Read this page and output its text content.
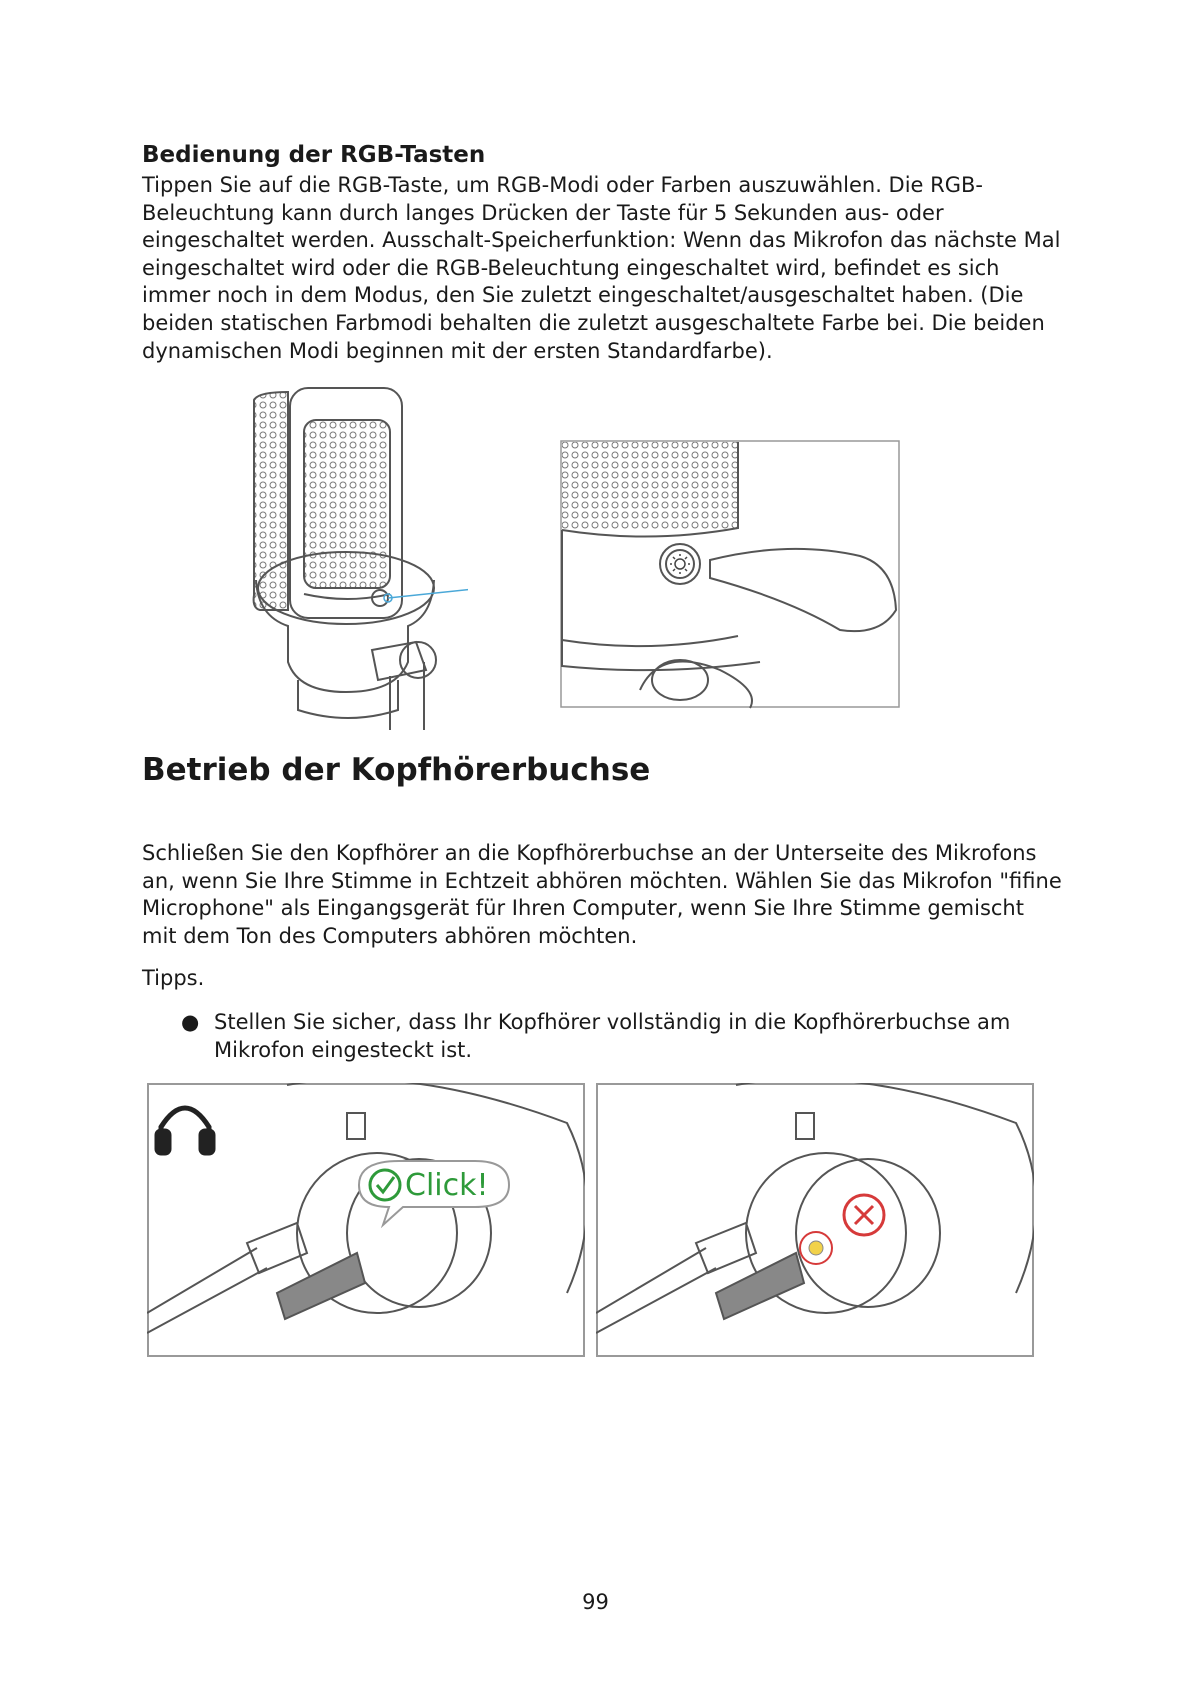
Bedienung der RGB-Tasten

Tippen Sie auf die RGB-Taste, um RGB-Modi oder Farben auszuwählen. Die RGB-Beleuchtung kann durch langes Drücken der Taste für 5 Sekunden aus- oder eingeschaltet werden. Ausschalt-Speicherfunktion: Wenn das Mikrofon das nächste Mal eingeschaltet wird oder die RGB-Beleuchtung eingeschaltet wird, befindet es sich immer noch in dem Modus, den Sie zuletzt eingeschaltet/ausgeschaltet haben. (Die beiden statischen Farbmodi behalten die zuletzt ausgeschaltete Farbe bei. Die beiden dynamischen Modi beginnen mit der ersten Standardfarbe).

Betrieb der Kopfhörerbuchse

Schließen Sie den Kopfhörer an die Kopfhörerbuchse an der Unterseite des Mikrofons an, wenn Sie Ihre Stimme in Echtzeit abhören möchten. Wählen Sie das Mikrofon "fifine Microphone" als Eingangsgerät für Ihren Computer, wenn Sie Ihre Stimme gemischt mit dem Ton des Computers abhören möchten.

Tipps.

● Stellen Sie sicher, dass Ihr Kopfhörer vollständig in die Kopfhörerbuchse am Mikrofon eingesteckt ist.
Click!
99
